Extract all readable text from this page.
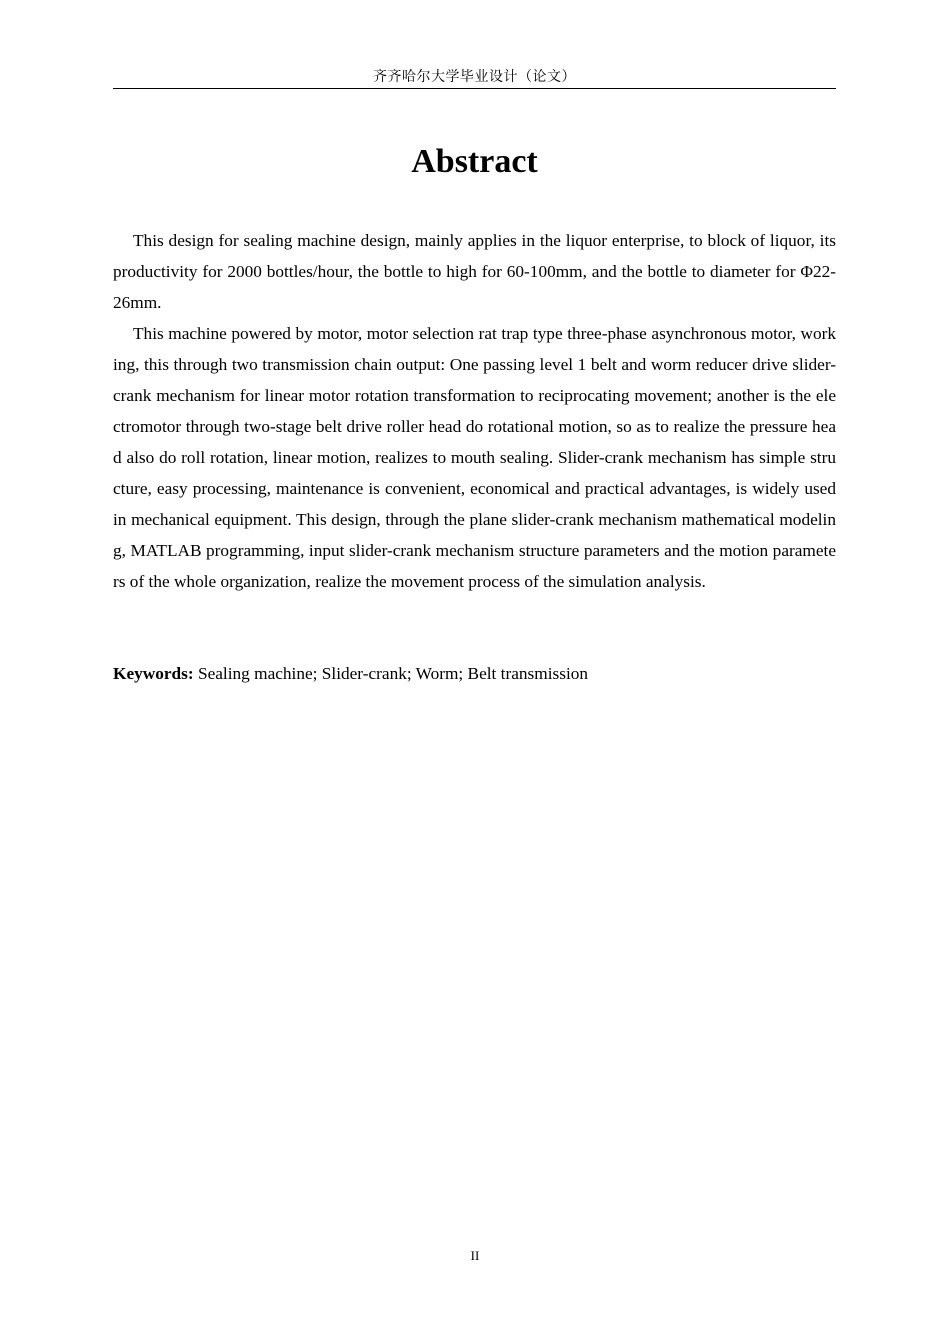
齐齐哈尔大学毕业设计（论文）
Abstract

This design for sealing machine design, mainly applies in the liquor enterprise, to block of liquor, its productivity for 2000 bottles/hour, the bottle to high for 60-100mm, and the bottle to diameter for Φ22-26mm.

This machine powered by motor, motor selection rat trap type three-phase asynchronous motor, working, this through two transmission chain output: One passing level 1 belt and worm reducer drive slider-crank mechanism for linear motor rotation transformation to reciprocating movement; another is the electromotor through two-stage belt drive roller head do rotational motion, so as to realize the pressure head also do roll rotation, linear motion, realizes to mouth sealing. Slider-crank mechanism has simple structure, easy processing, maintenance is convenient, economical and practical advantages, is widely used in mechanical equipment. This design, through the plane slider-crank mechanism mathematical modeling, MATLAB programming, input slider-crank mechanism structure parameters and the motion parameters of the whole organization, realize the movement process of the simulation analysis.

Keywords: Sealing machine; Slider-crank; Worm; Belt transmission
II
